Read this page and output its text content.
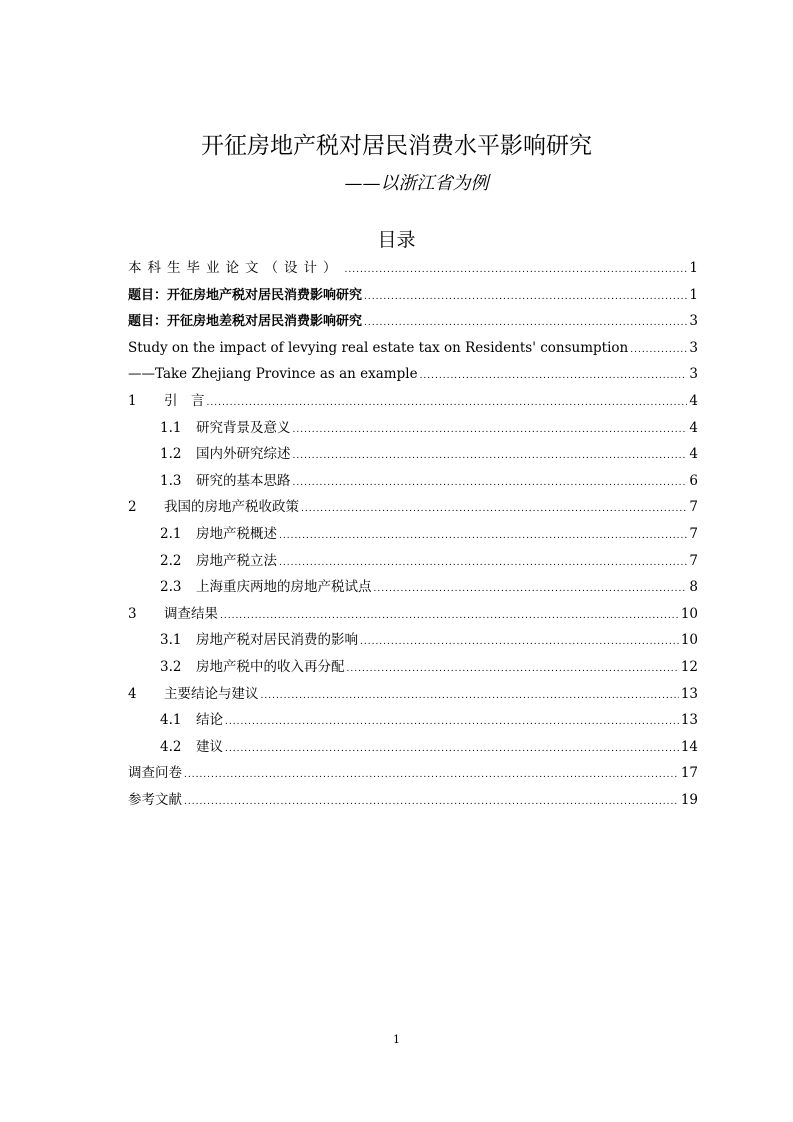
开征房地产税对居民消费水平影响研究
——以浙江省为例
目录
本科生毕业论文（设计） .....	1
题目：开征房地产税对居民消费影响研究 .....	1
题目：开征房地差税对居民消费影响研究 .....	3
Study on the impact of levying real estate tax on Residents' consumption .....	3
——Take Zhejiang Province as an example .....	3
1	引　言 .....	4
1.1	研究背景及意义 .....	4
1.2	国内外研究综述 .....	4
1.3	研究的基本思路 .....	6
2	我国的房地产税收政策 .....	7
2.1	房地产税概述 .....	7
2.2	房地产税立法 .....	7
2.3	上海重庆两地的房地产税试点 .....	8
3	调查结果 .....	10
3.1	房地产税对居民消费的影响 .....	10
3.2	房地产税中的收入再分配 .....	12
4	主要结论与建议 .....	13
4.1	结论 .....	13
4.2	建议 .....	14
调查问卷 .....	17
参考文献 .....	19
1
